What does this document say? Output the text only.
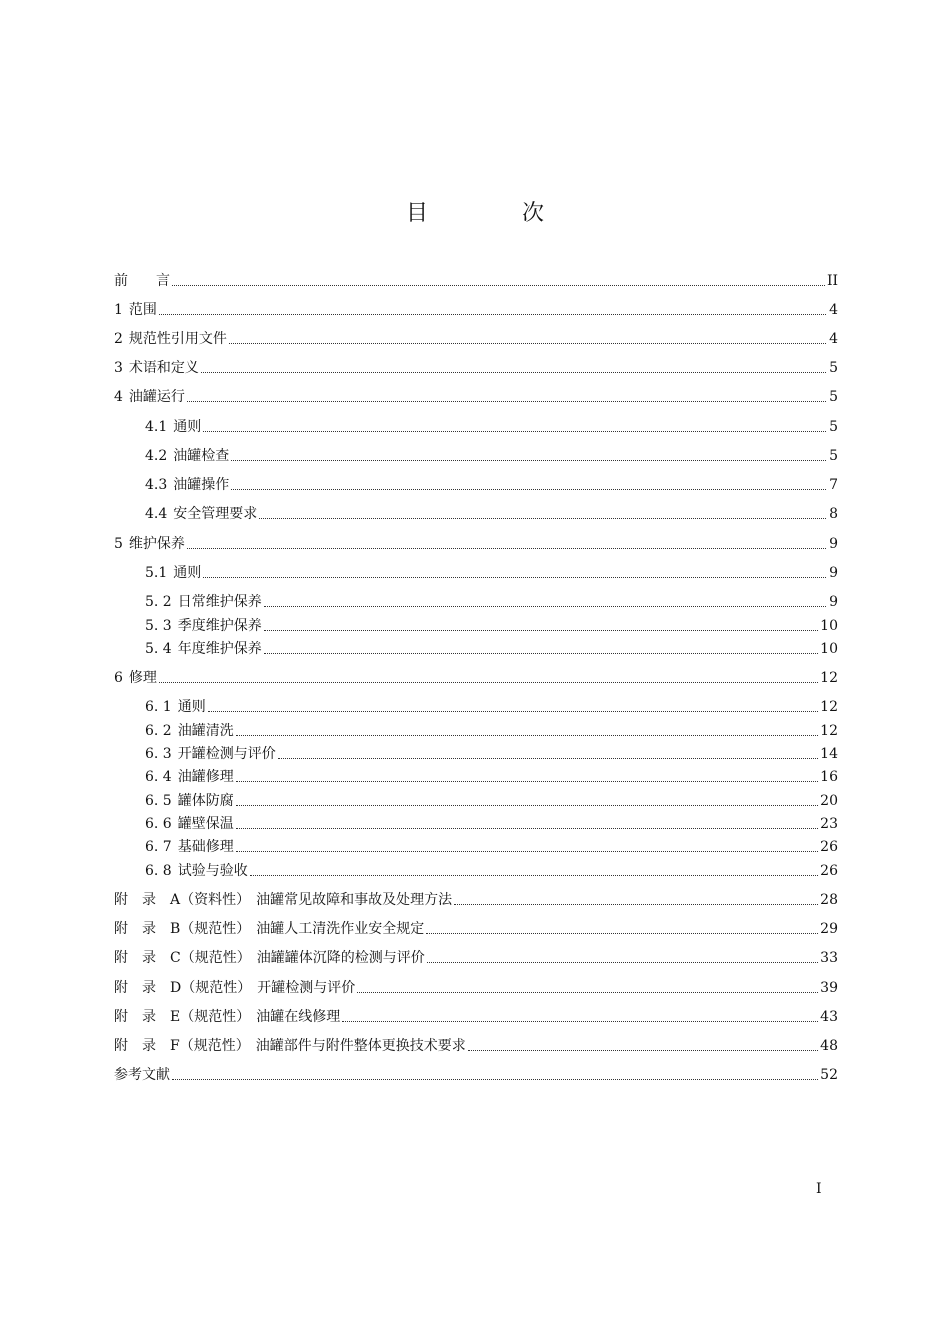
目　次
前　　言	II
1 范围	4
2 规范性引用文件	4
3 术语和定义	5
4 油罐运行	5
4.1 通则	5
4.2 油罐检查	5
4.3 油罐操作	7
4.4 安全管理要求	8
5 维护保养	9
5.1 通则	9
5. 2 日常维护保养	9
5. 3 季度维护保养	10
5. 4 年度维护保养	10
6 修理	12
6. 1 通则	12
6. 2 油罐清洗	12
6. 3 开罐检测与评价	14
6. 4 油罐修理	16
6. 5 罐体防腐	20
6. 6 罐壁保温	23
6. 7 基础修理	26
6. 8 试验与验收	26
附　录　A（资料性） 油罐常见故障和事故及处理方法	28
附　录　B（规范性） 油罐人工清洗作业安全规定	29
附　录　C（规范性） 油罐罐体沉降的检测与评价	33
附　录　D（规范性） 开罐检测与评价	39
附　录　E（规范性） 油罐在线修理	43
附　录　F（规范性） 油罐部件与附件整体更换技术要求	48
参考文献	52
I
